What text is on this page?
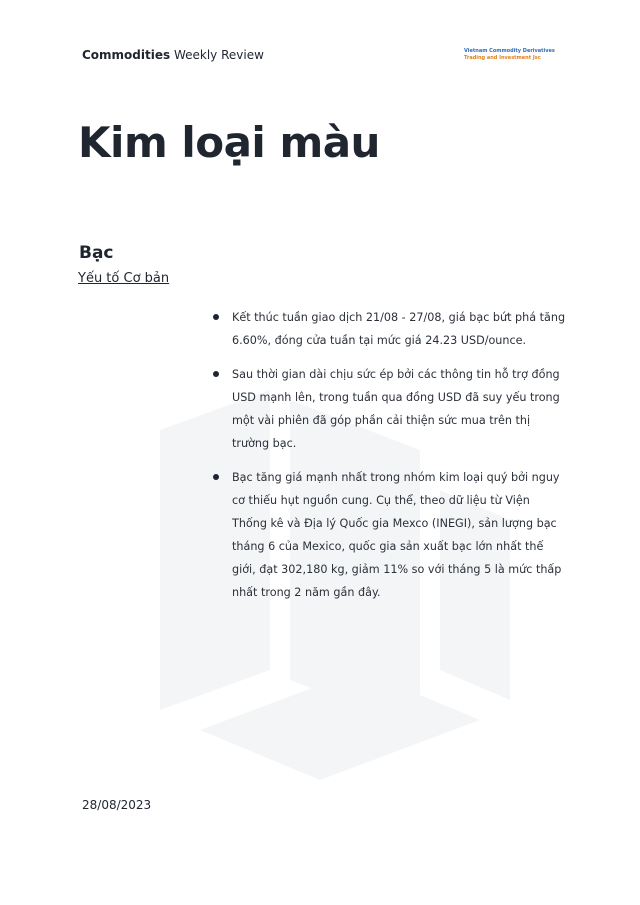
Commodities Weekly Review	Vietnam Commodity Derivatives
Trading and Investment Jsc
Kim loại màu
Bạc
Yếu tố Cơ bản
Kết thúc tuần giao dịch 21/08 - 27/08, giá bạc bứt phá tăng 6.60%, đóng cửa tuần tại mức giá 24.23 USD/ounce.
Sau thời gian dài chịu sức ép bởi các thông tin hỗ trợ đồng USD mạnh lên, trong tuần qua đồng USD đã suy yếu trong một vài phiên đã góp phần cải thiện sức mua trên thị trường bạc.
Bạc tăng giá mạnh nhất trong nhóm kim loại quý bởi nguy cơ thiếu hụt nguồn cung. Cụ thể, theo dữ liệu từ Viện Thống kê và Địa lý Quốc gia Mexco (INEGI), sản lượng bạc tháng 6 của Mexico, quốc gia sản xuất bạc lớn nhất thế giới, đạt 302,180 kg, giảm 11% so với tháng 5 là mức thấp nhất trong 2 năm gần đây.
28/08/2023
